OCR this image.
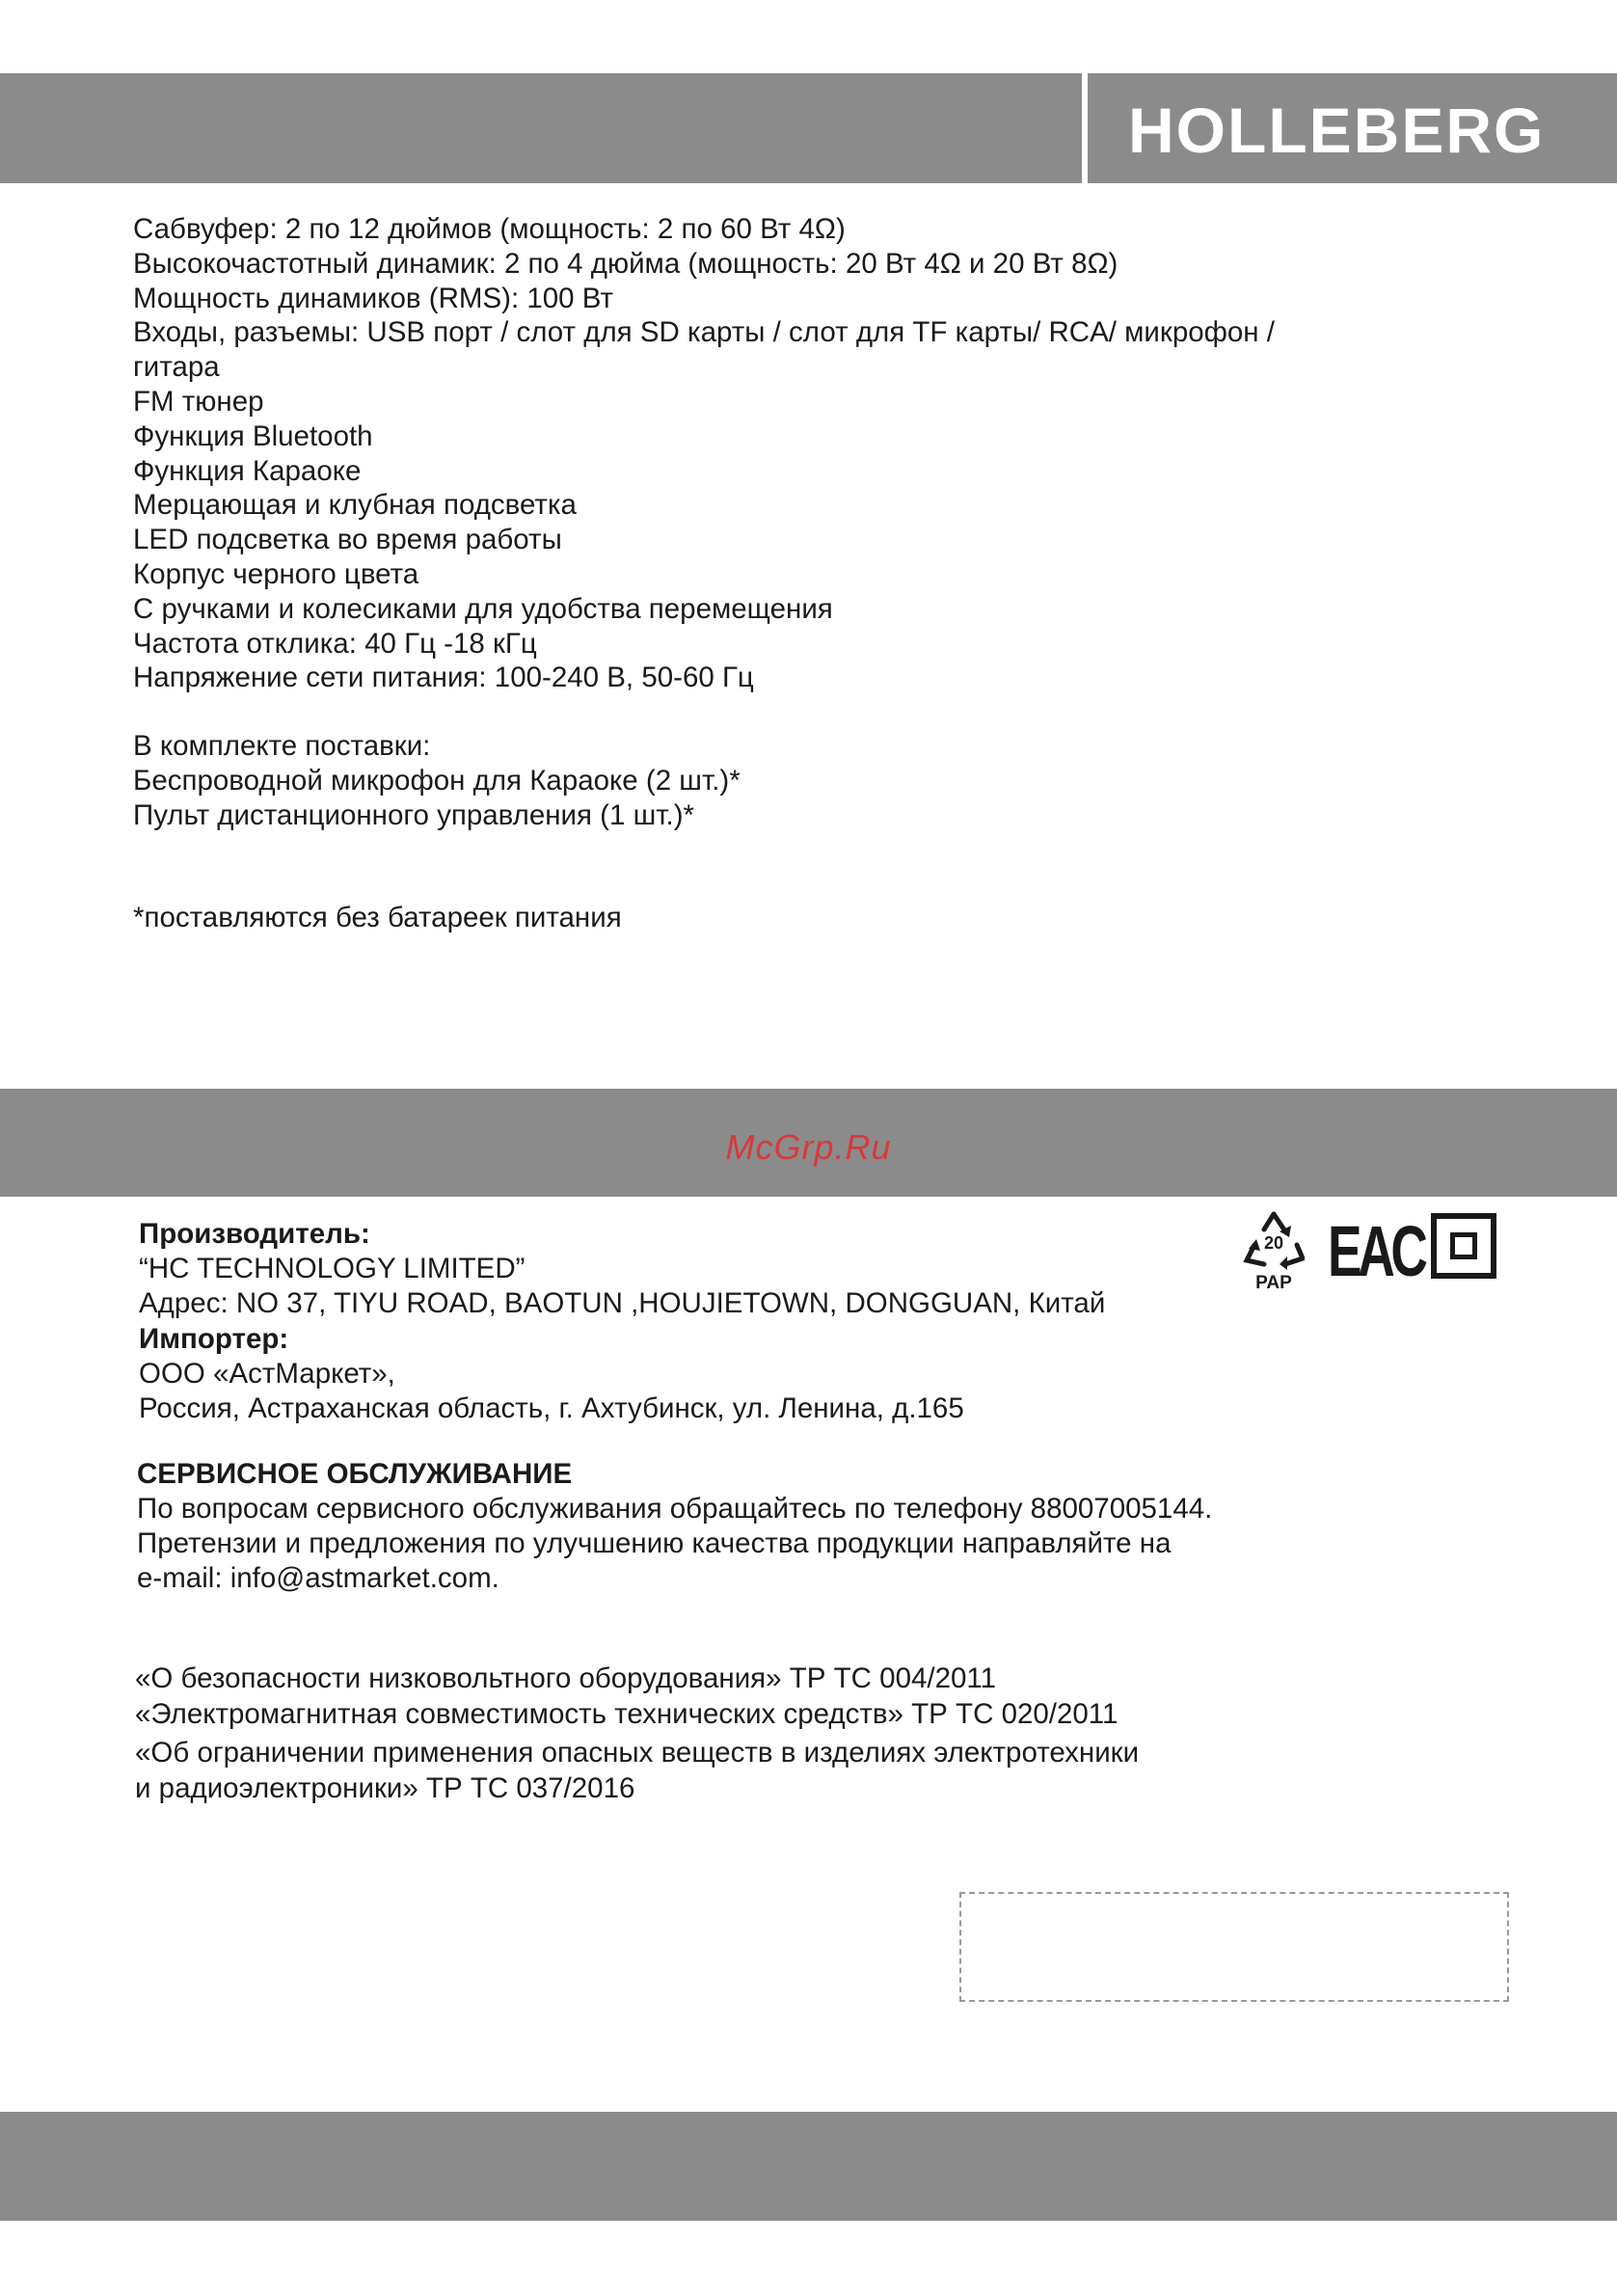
HOLLEBERG
Сабвуфер: 2 по 12 дюймов (мощность: 2 по 60 Вт 4Ω)
Высокочастотный динамик: 2 по 4 дюйма (мощность: 20 Вт 4Ω и 20 Вт 8Ω)
Мощность динамиков (RMS): 100 Вт
Входы, разъемы: USB порт / слот для SD карты / слот для TF карты/ RCA/ микрофон /
гитара
FM тюнер
Функция Bluetooth
Функция Караоке
Мерцающая и клубная подсветка
LED подсветка во время работы
Корпус черного цвета
С ручками и колесиками для удобства перемещения
Частота отклика: 40 Гц -18 кГц
Напряжение сети питания: 100-240 В, 50-60 Гц
В комплекте поставки:
Беспроводной микрофон для Караоке (2 шт.)*
Пульт дистанционного управления (1 шт.)*
*поставляются без батареек питания
McGrp.Ru
Производитель:
“HC TECHNOLOGY LIMITED”
Адрес: NO 37, TIYU ROAD, BAOTUN ,HOUJIETOWN, DONGGUAN, Китай
Импортер:
ООО «АстМаркет»,
Россия, Астраханская область, г. Ахтубинск, ул. Ленина, д.165
20
PAP EAC
СЕРВИСНОЕ ОБСЛУЖИВАНИЕ
По вопросам сервисного обслуживания обращайтесь по телефону 88007005144.
Претензии и предложения по улучшению качества продукции направляйте на
e-mail: info@astmarket.com.
«О безопасности низковольтного оборудования» ТР ТС 004/2011
«Электромагнитная совместимость технических средств» ТР ТС 020/2011
«Об ограничении применения опасных веществ в изделиях электротехники
и радиоэлектроники» ТР ТС 037/2016
